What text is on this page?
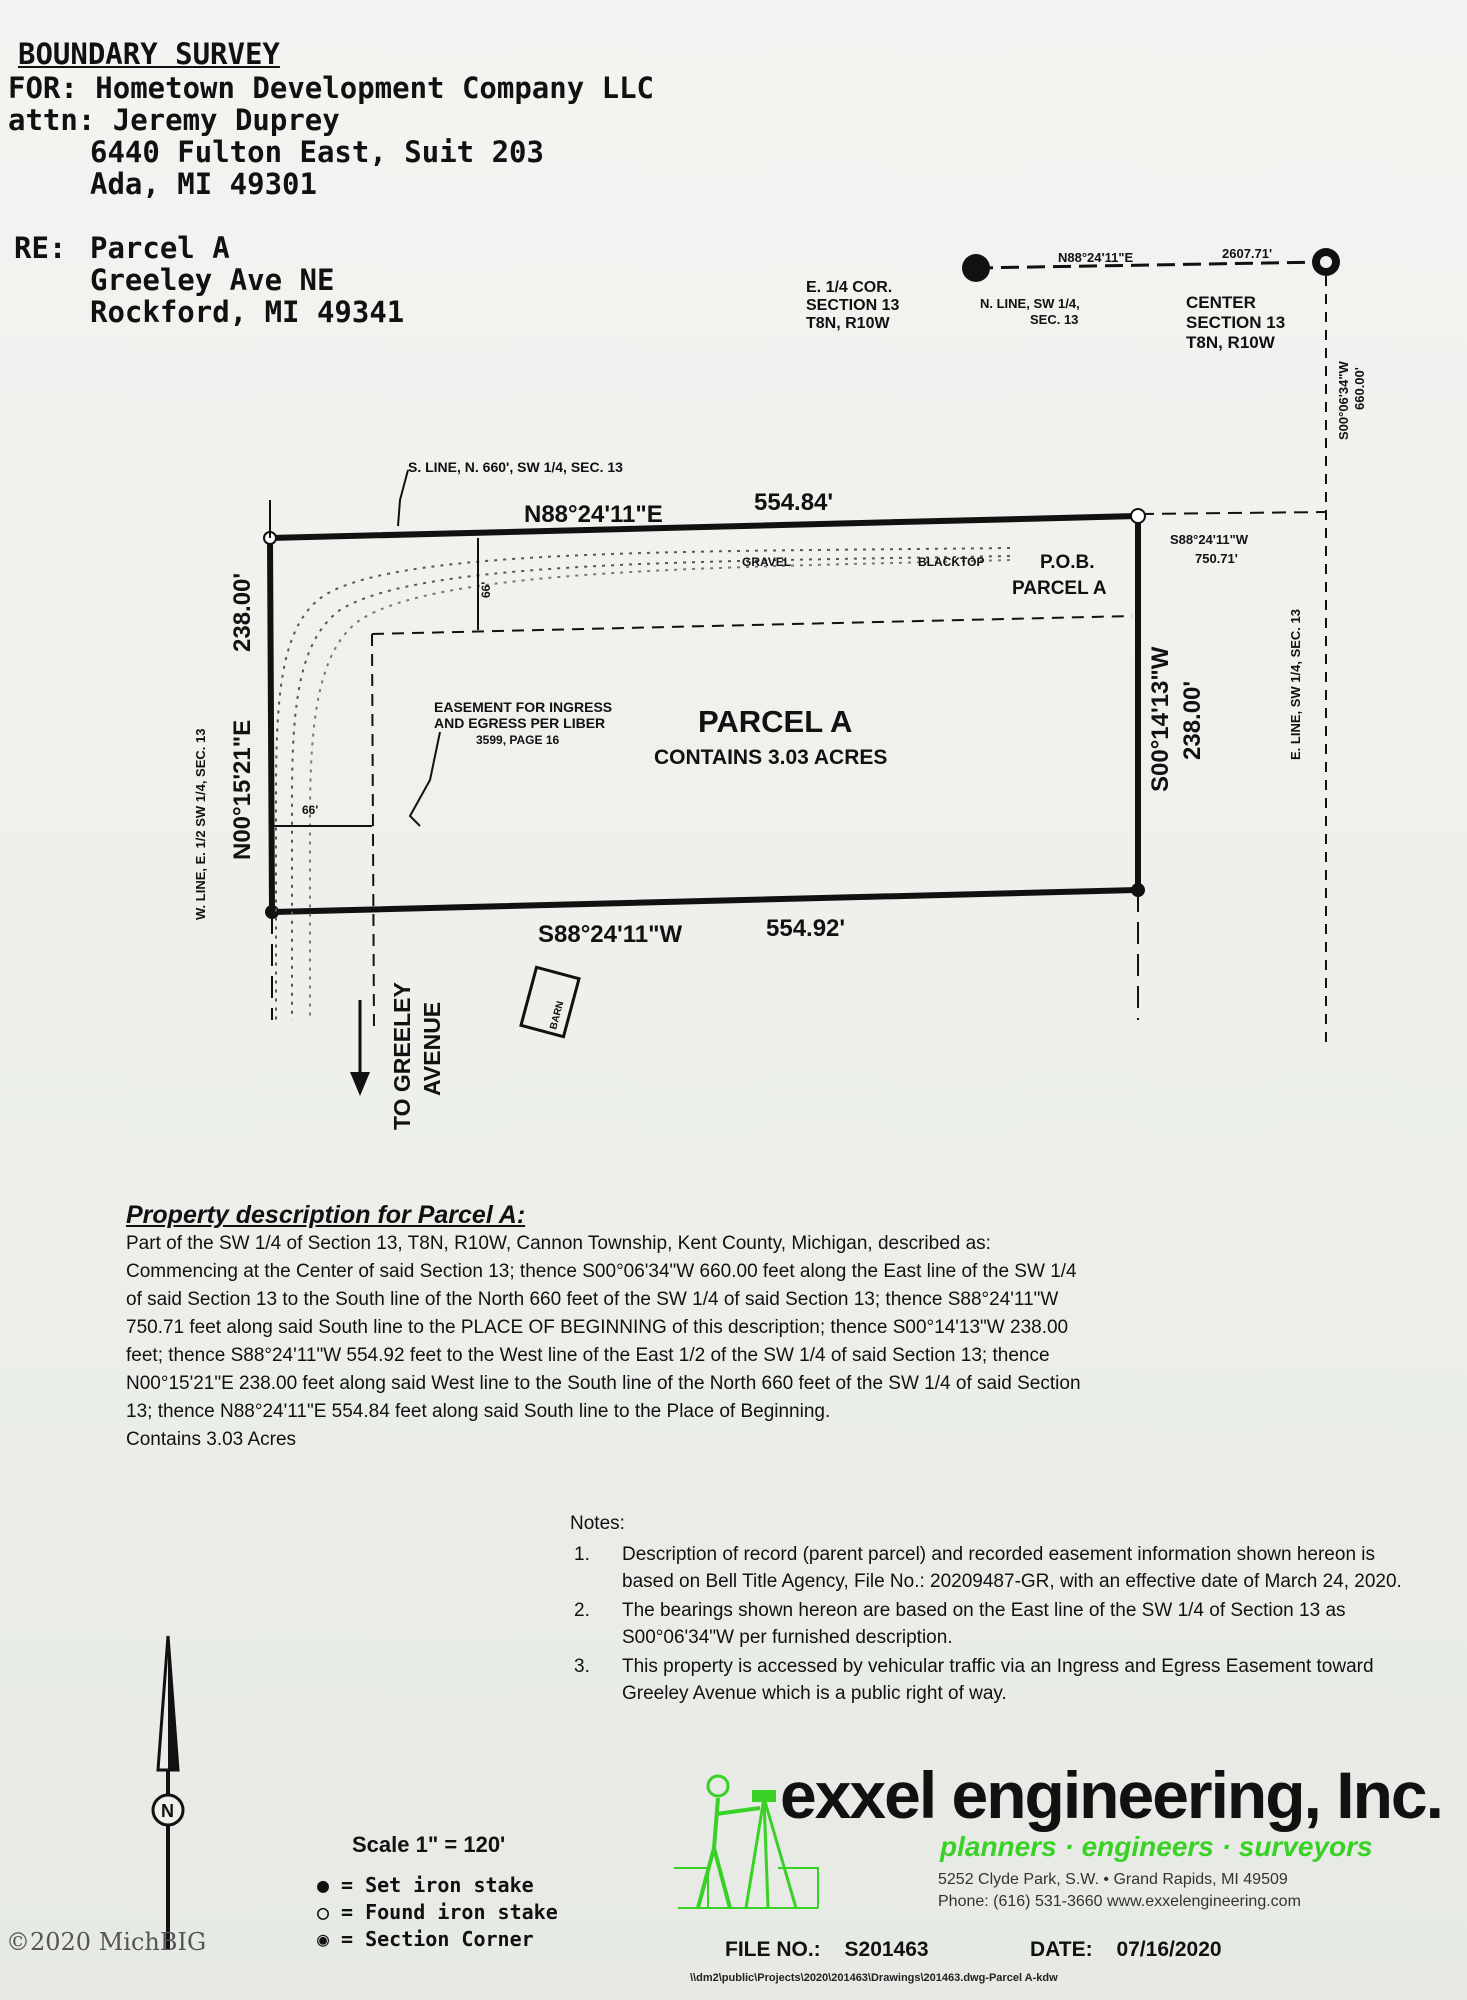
BOUNDARY SURVEY
FOR: Hometown Development Company LLC
attn: Jeremy Duprey
6440 Fulton East, Suit 203
Ada, MI 49301
RE: Parcel A
Greeley Ave NE
Rockford, MI 49341
N88°24'11"E	2607.71'
E. 1/4 COR.
SECTION 13
T8N, R10W
N. LINE, SW 1/4,
SEC. 13
CENTER
SECTION 13
T8N, R10W
S00°06'34"W 660.00'
E. LINE, SW 1/4, SEC. 13
S88°24'11"W
750.71'
66'
66'
EASEMENT FOR INGRESS
AND EGRESS PER LIBER
3599, PAGE 16
S. LINE, N. 660', SW 1/4, SEC. 13
N88°24'11"E	554.84'
S88°24'11"W	554.92'
N00°15'21"E
238.00'
S00°14'13"W 238.00'
W. LINE, E. 1/2 SW 1/4, SEC. 13
GRAVEL	BLACKTOP	P.O.B.
PARCEL A
PARCEL A
CONTAINS 3.03 ACRES
TO GREELEY AVENUE	BARN
Property description for Parcel A:

Part of the SW 1/4 of Section 13, T8N, R10W, Cannon Township, Kent County, Michigan, described as:

Commencing at the Center of said Section 13; thence S00°06'34"W 660.00 feet along the East line of the SW 1/4

of said Section 13 to the South line of the North 660 feet of the SW 1/4 of said Section 13; thence S88°24'11"W

750.71 feet along said South line to the PLACE OF BEGINNING of this description; thence S00°14'13"W 238.00

feet; thence S88°24'11"W 554.92 feet to the West line of the East 1/2 of the SW 1/4 of said Section 13; thence

N00°15'21"E 238.00 feet along said West line to the South line of the North 660 feet of the SW 1/4 of said Section

13; thence N88°24'11"E 554.84 feet along said South line to the Place of Beginning.

Contains 3.03 Acres

Notes:
1.	Description of record (parent parcel) and recorded easement information shown hereon is based on Bell Title Agency, File No.: 20209487-GR, with an effective date of March 24, 2020.
2.	The bearings shown hereon are based on the East line of the SW 1/4 of Section 13 as S00°06'34"W per furnished description.
3.	This property is accessed by vehicular traffic via an Ingress and Egress Easement toward Greeley Avenue which is a public right of way.
N
Scale 1" = 120'
● = Set iron stake
○ = Found iron stake
◉ = Section Corner
exxel engineering, Inc.
planners · engineers · surveyors
5252 Clyde Park, S.W. • Grand Rapids, MI 49509
Phone: (616) 531-3660 www.exxelengineering.com
FILE NO.: S201463	DATE: 07/16/2020
\\dm2\public\Projects\2020\201463\Drawings\201463.dwg-Parcel A-kdw
©2020 MichBIG
